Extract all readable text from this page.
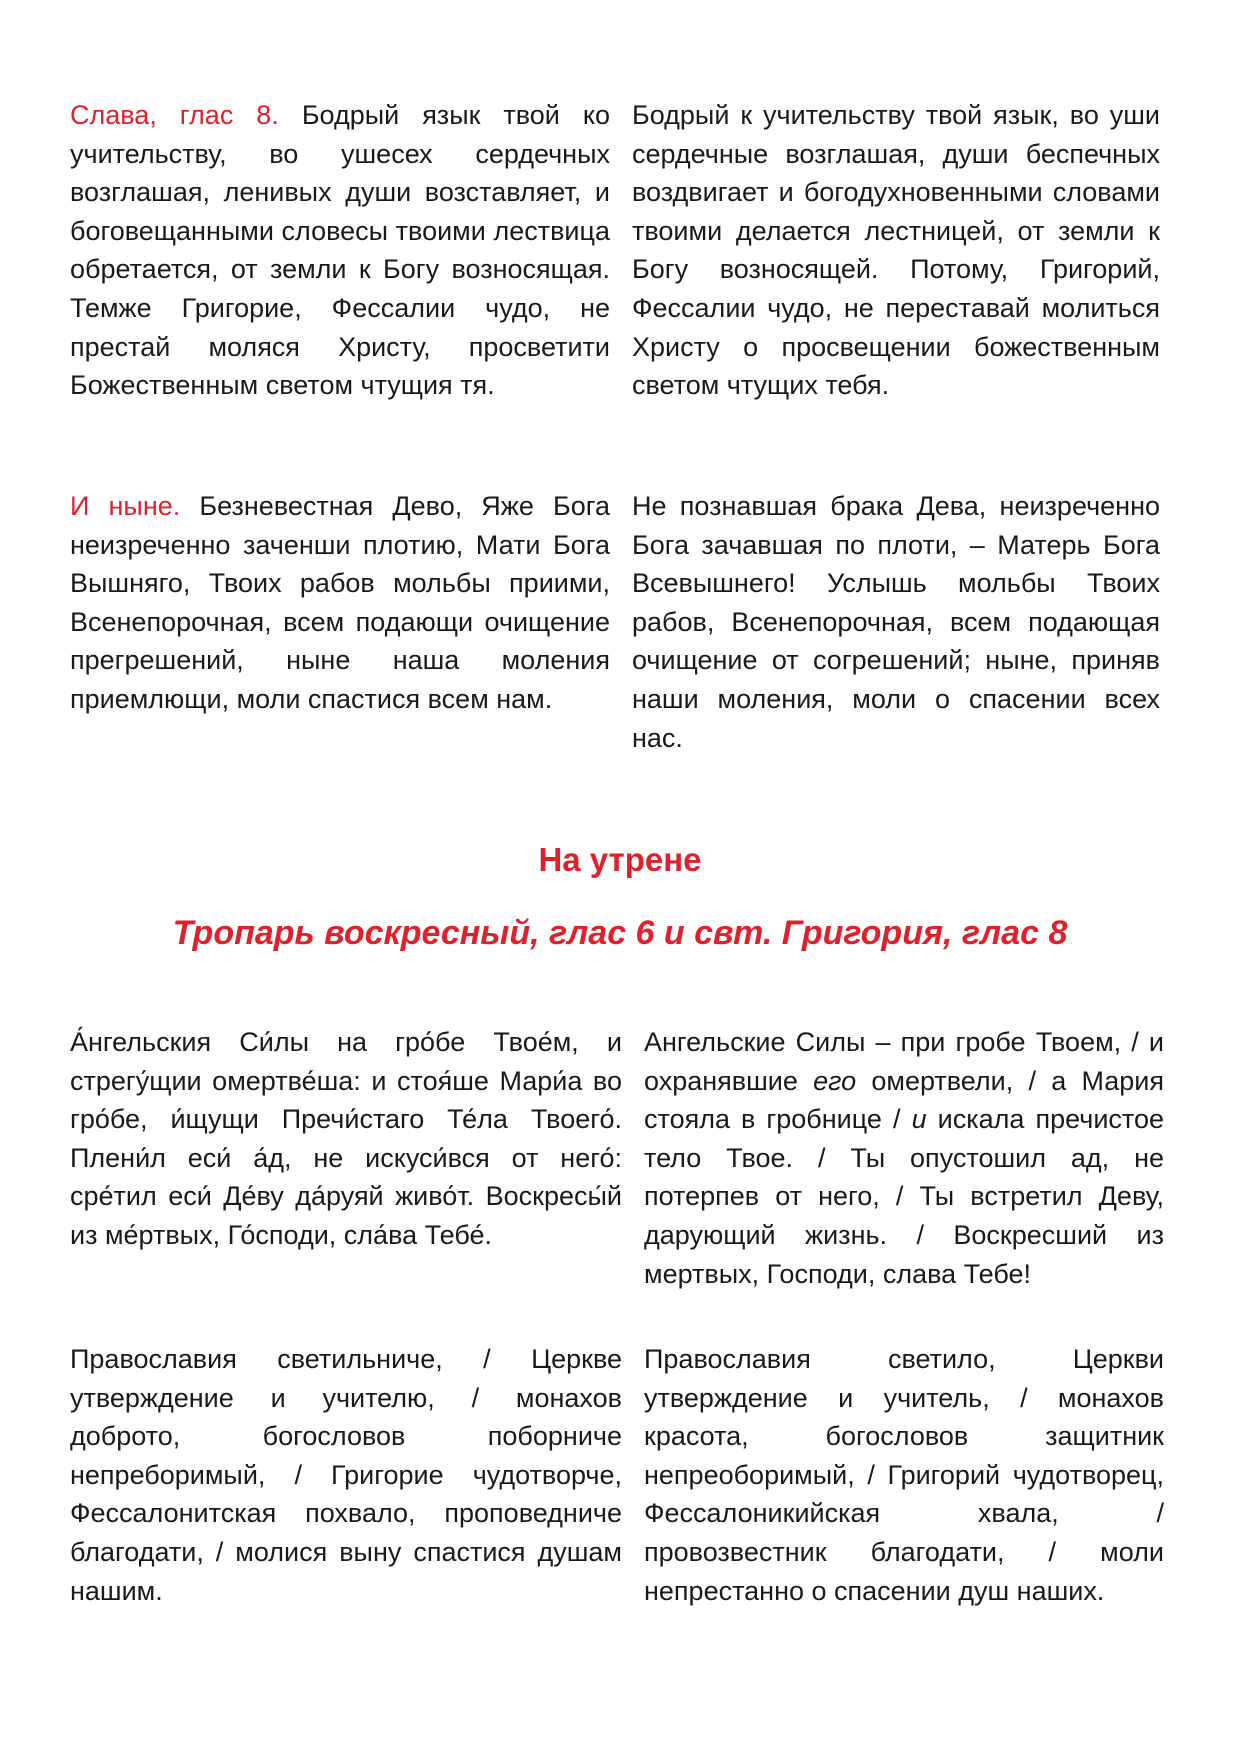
Слава, глас 8. Бодрый язык твой ко учительству, во ушесех сердечных возглашая, ленивых души возставляет, и боговещанными словесы твоими лествица обретается, от земли к Богу возносящая. Темже Григорие, Фессалии чудо, не престай моляся Христу, просветити Божественным светом чтущия тя.
Бодрый к учительству твой язык, во уши сердечные возглашая, души беспечных воздвигает и богодухновенными словами твоими делается лестницей, от земли к Богу возносящей. Потому, Григорий, Фессалии чудо, не переставай молиться Христу о просвещении божественным светом чтущих тебя.
И ныне. Безневестная Дево, Яже Бога неизреченно заченши плотию, Мати Бога Вышняго, Твоих рабов мольбы приими, Всенепорочная, всем подающи очищение прегрешений, ныне наша моления приемлющи, моли спастися всем нам.
Не познавшая брака Дева, неизреченно Бога зачавшая по плоти, – Матерь Бога Всевышнего! Услышь мольбы Твоих рабов, Всенепорочная, всем подающая очищение от согрешений; ныне, приняв наши моления, моли о спасении всех нас.
На утрене
Тропарь воскресный, глас 6 и свт. Григория, глас 8
А́нгельския Си́лы на гро́бе Твое́м, и стрегу́щии омертве́ша: и стоя́ше Мари́а во гро́бе, и́щущи Пречи́стаго Те́ла Твоего́. Плени́л еси́ а́д, не искуси́вся от него́: сре́тил еси́ Де́ву да́руяй живо́т. Воскресы́й из ме́ртвых, Го́споди, сла́ва Тебе́.
Ангельские Силы – при гробе Твоем, / и охранявшие его омертвели, / а Мария стояла в гробнице / и искала пречистое тело Твое. / Ты опустошил ад, не потерпев от него, / Ты встретил Деву, дарующий жизнь. / Воскресший из мертвых, Господи, слава Тебе!
Православия светильниче, / Церкве утверждение и учителю, / монахов доброто, богословов поборниче непреборимый, / Григорие чудотворче, Фессалонитская похвало, проповедниче благодати, / молися выну спастися душам нашим.
Православия светило, Церкви утверждение и учитель, / монахов красота, богословов защитник непреоборимый, / Григорий чудотворец, Фессалоникийская хвала, / провозвестник благодати, / моли непрестанно о спасении душ наших.
